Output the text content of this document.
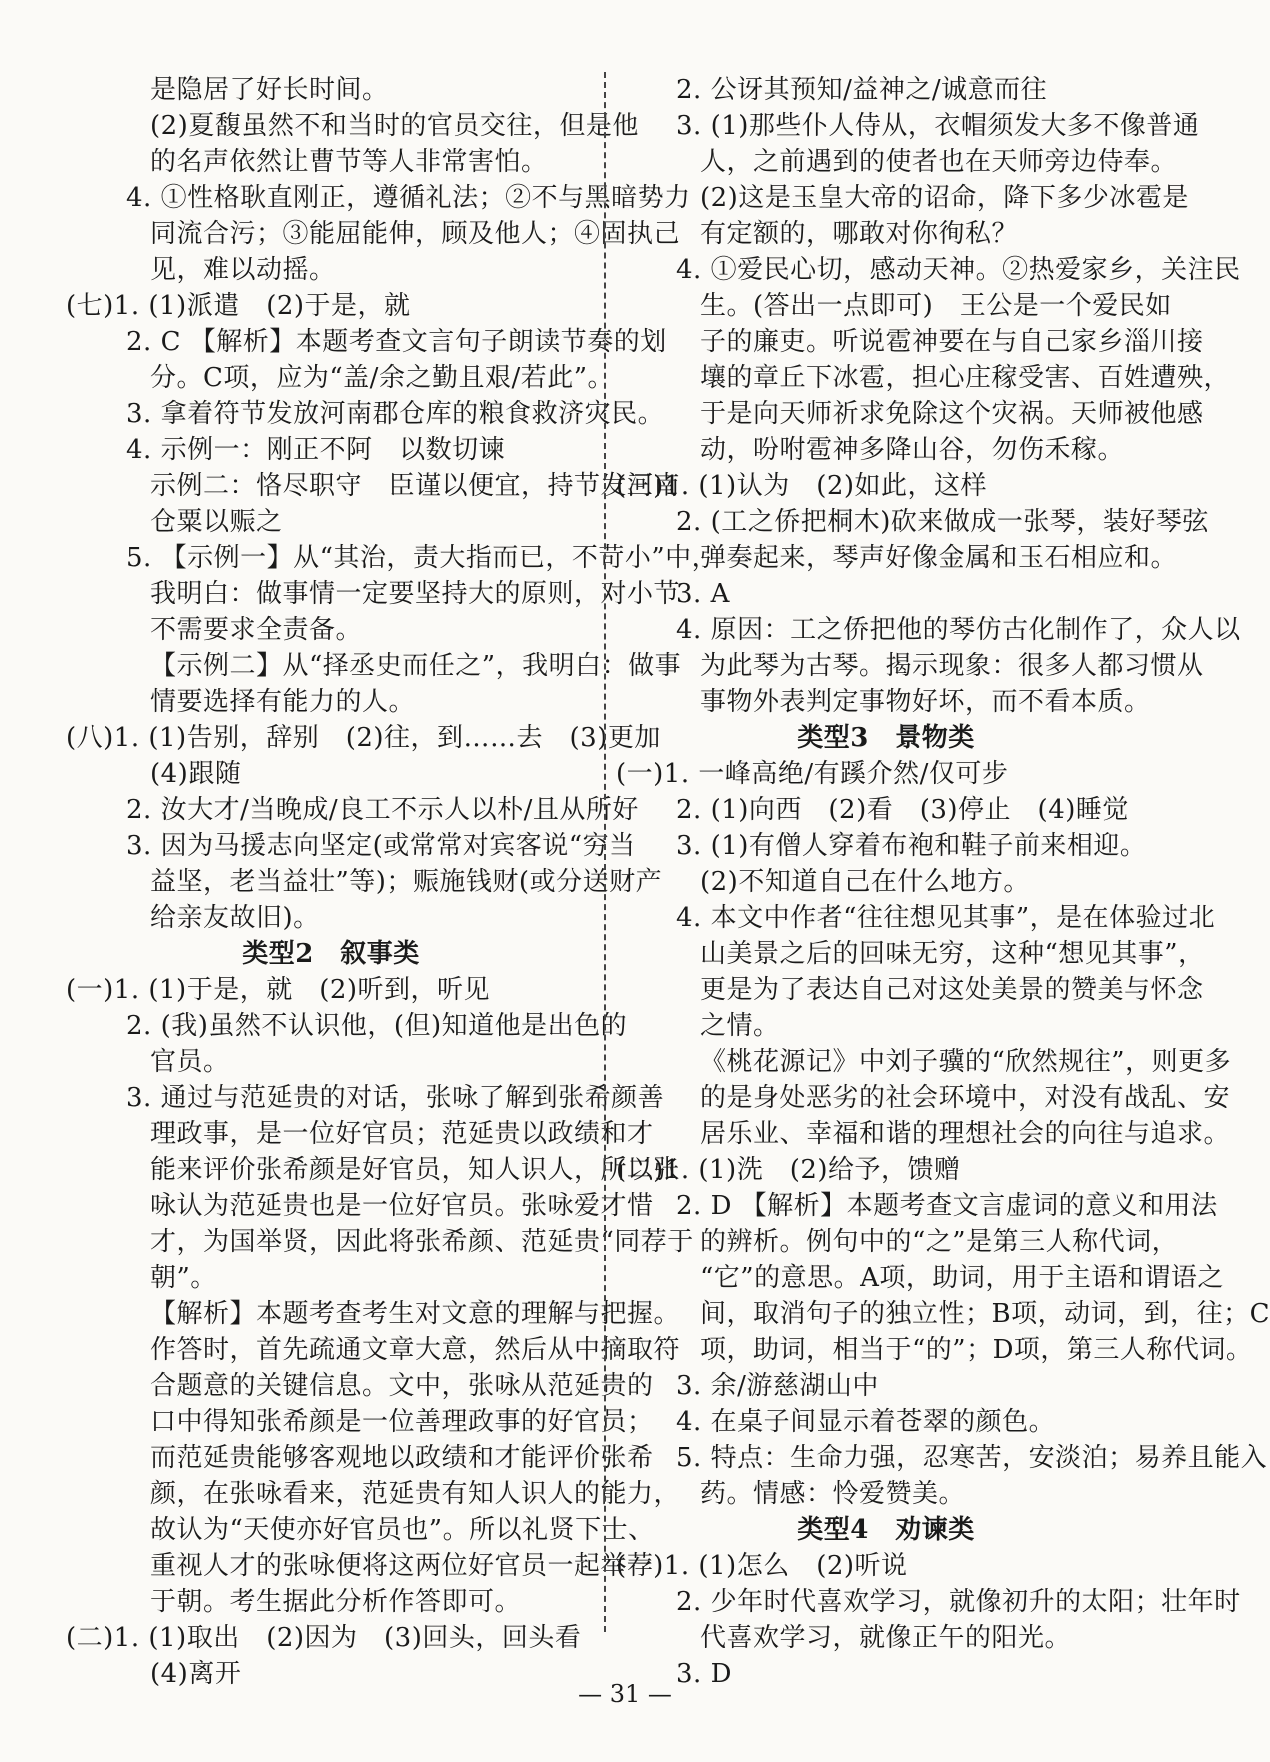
是隐居了好长时间。
(2)夏馥虽然不和当时的官员交往，但是他
的名声依然让曹节等人非常害怕。
4. ①性格耿直刚正，遵循礼法；②不与黑暗势力
同流合污；③能屈能伸，顾及他人；④固执己
见，难以动摇。
(七)1. (1)派遣　(2)于是，就
2. C 【解析】本题考查文言句子朗读节奏的划
分。C项，应为“盖/余之勤且艰/若此”。
3. 拿着符节发放河南郡仓库的粮食救济灾民。
4. 示例一：刚正不阿　以数切谏
示例二：恪尽职守　臣谨以便宜，持节发河南
仓粟以赈之
5. 【示例一】从“其治，责大指而已，不苛小”中，
我明白：做事情一定要坚持大的原则，对小节
不需要求全责备。
【示例二】从“择丞史而任之”，我明白：做事
情要选择有能力的人。
(八)1. (1)告别，辞别　(2)往，到……去　(3)更加
(4)跟随
2. 汝大才/当晚成/良工不示人以朴/且从所好
3. 因为马援志向坚定(或常常对宾客说“穷当
益坚，老当益壮”等)；赈施钱财(或分送财产
给亲友故旧)。
类型2　叙事类
(一)1. (1)于是，就　(2)听到，听见
2. (我)虽然不认识他，(但)知道他是出色的
官员。
3. 通过与范延贵的对话，张咏了解到张希颜善
理政事，是一位好官员；范延贵以政绩和才
能来评价张希颜是好官员，知人识人，所以张
咏认为范延贵也是一位好官员。张咏爱才惜
才，为国举贤，因此将张希颜、范延贵“同荐于
朝”。
【解析】本题考查考生对文意的理解与把握。
作答时，首先疏通文章大意，然后从中摘取符
合题意的关键信息。文中，张咏从范延贵的
口中得知张希颜是一位善理政事的好官员；
而范延贵能够客观地以政绩和才能评价张希
颜，在张咏看来，范延贵有知人识人的能力，
故认为“天使亦好官员也”。所以礼贤下士、
重视人才的张咏便将这两位好官员一起举荐
于朝。考生据此分析作答即可。
(二)1. (1)取出　(2)因为　(3)回头，回头看
(4)离开
2. 公讶其预知/益神之/诚意而往
3. (1)那些仆人侍从，衣帽须发大多不像普通
人，之前遇到的使者也在天师旁边侍奉。
(2)这是玉皇大帝的诏命，降下多少冰雹是
有定额的，哪敢对你徇私？
4. ①爱民心切，感动天神。②热爱家乡，关注民
生。(答出一点即可)　王公是一个爱民如
子的廉吏。听说雹神要在与自己家乡淄川接
壤的章丘下冰雹，担心庄稼受害、百姓遭殃，
于是向天师祈求免除这个灾祸。天师被他感
动，吩咐雹神多降山谷，勿伤禾稼。
(三)1. (1)认为　(2)如此，这样
2. (工之侨把桐木)砍来做成一张琴，装好琴弦
弹奏起来，琴声好像金属和玉石相应和。
3. A
4. 原因：工之侨把他的琴仿古化制作了，众人以
为此琴为古琴。揭示现象：很多人都习惯从
事物外表判定事物好坏，而不看本质。
类型3　景物类
(一)1. 一峰高绝/有蹊介然/仅可步
2. (1)向西　(2)看　(3)停止　(4)睡觉
3. (1)有僧人穿着布袍和鞋子前来相迎。
(2)不知道自己在什么地方。
4. 本文中作者“往往想见其事”，是在体验过北
山美景之后的回味无穷，这种“想见其事”，
更是为了表达自己对这处美景的赞美与怀念
之情。
《桃花源记》中刘子骥的“欣然规往”，则更多
的是身处恶劣的社会环境中，对没有战乱、安
居乐业、幸福和谐的理想社会的向往与追求。
(二)1. (1)洗　(2)给予，馈赠
2. D 【解析】本题考查文言虚词的意义和用法
的辨析。例句中的“之”是第三人称代词，
“它”的意思。A项，助词，用于主语和谓语之
间，取消句子的独立性；B项，动词，到，往；C
项，助词，相当于“的”；D项，第三人称代词。
3. 余/游慈湖山中
4. 在桌子间显示着苍翠的颜色。
5. 特点：生命力强，忍寒苦，安淡泊；易养且能入
药。情感：怜爱赞美。
类型4　劝谏类
(一)1. (1)怎么　(2)听说
2. 少年时代喜欢学习，就像初升的太阳；壮年时
代喜欢学习，就像正午的阳光。
3. D
— 31 —
